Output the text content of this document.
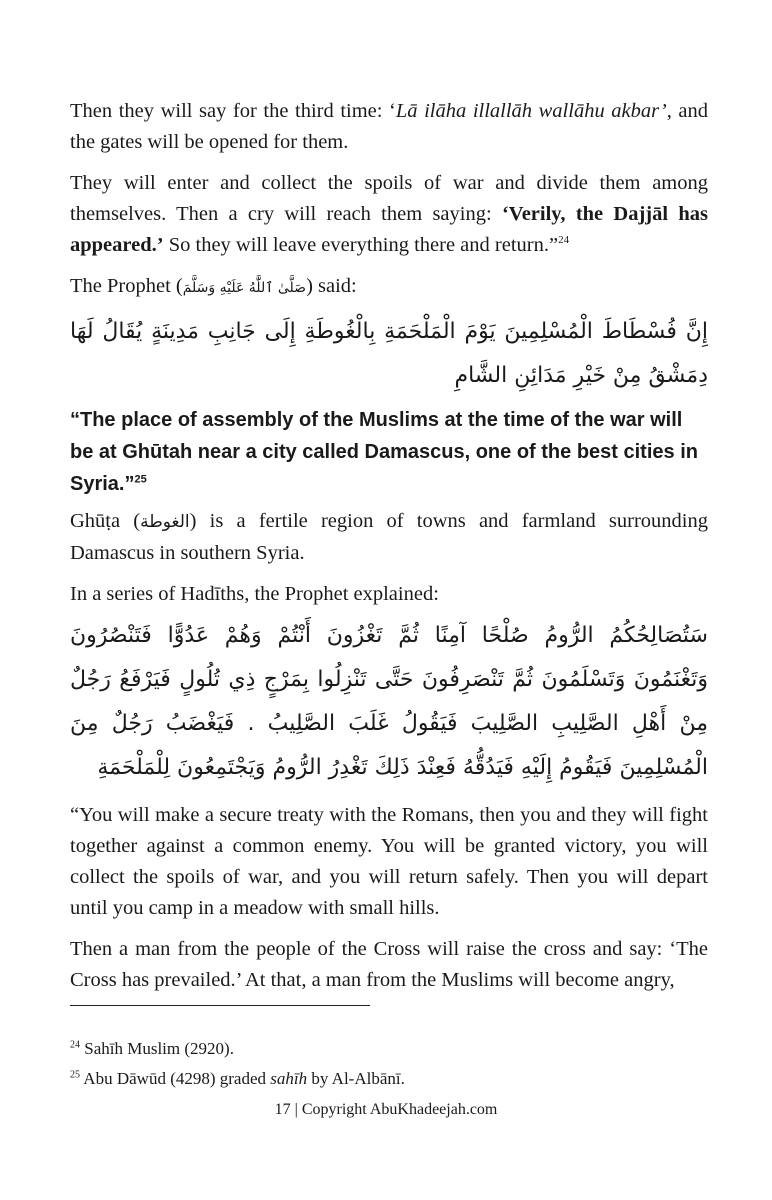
Then they will say for the third time: ‘Lā ilāha illallāh wallāhu akbar’, and the gates will be opened for them.

They will enter and collect the spoils of war and divide them among themselves. Then a cry will reach them saying: ‘Verily, the Dajjāl has appeared.’ So they will leave everything there and return.”$^{24}$

The Prophet (صَلَّىٰ ٱللَّٰهُ عَلَيْهِ وَسَلَّمَ) said:

إِنَّ فُسْطَاطَ الْمُسْلِمِينَ يَوْمَ الْمَلْحَمَةِ بِالْغُوطَةِ إِلَى جَانِبِ مَدِينَةٍ يُقَالُ لَهَا دِمَشْقُ مِنْ خَيْرِ مَدَائِنِ الشَّامِ

“The place of assembly of the Muslims at the time of the war will be at Ghūtah near a city called Damascus, one of the best cities in Syria.”$^{25}$

Ghūṭa (الغوطة) is a fertile region of towns and farmland surrounding Damascus in southern Syria.

In a series of Hadīths, the Prophet explained:

سَتُصَالِحُكُمُ الرُّومُ صُلْحًا آمِنًا ثُمَّ تَغْزُونَ أَنْتُمْ وَهُمْ عَدُوًّا فَتَنْصُرُونَ وَتَغْنَمُونَ وَتَسْلَمُونَ ثُمَّ تَنْصَرِفُونَ حَتَّى تَنْزِلُوا بِمَرْجٍ ذِي تُلُولٍ فَيَرْفَعُ رَجُلٌ مِنْ أَهْلِ الصَّلِيبِ الصَّلِيبَ فَيَقُولُ غَلَبَ الصَّلِيبُ . فَيَغْضَبُ رَجُلٌ مِنَ الْمُسْلِمِينَ فَيَقُومُ إِلَيْهِ فَيَدُقُّهُ فَعِنْدَ ذَلِكَ تَغْدِرُ الرُّومُ وَيَجْتَمِعُونَ لِلْمَلْحَمَةِ

“You will make a secure treaty with the Romans, then you and they will fight together against a common enemy. You will be granted victory, you will collect the spoils of war, and you will return safely. Then you will depart until you camp in a meadow with small hills.

Then a man from the people of the Cross will raise the cross and say: ‘The Cross has prevailed.’ At that, a man from the Muslims will become angry,

$^{24}$ Sahīh Muslim (2920).

$^{25}$ Abu Dāwūd (4298) graded sahīh by Al-Albānī.

17 | Copyright AbuKhadeejah.com
